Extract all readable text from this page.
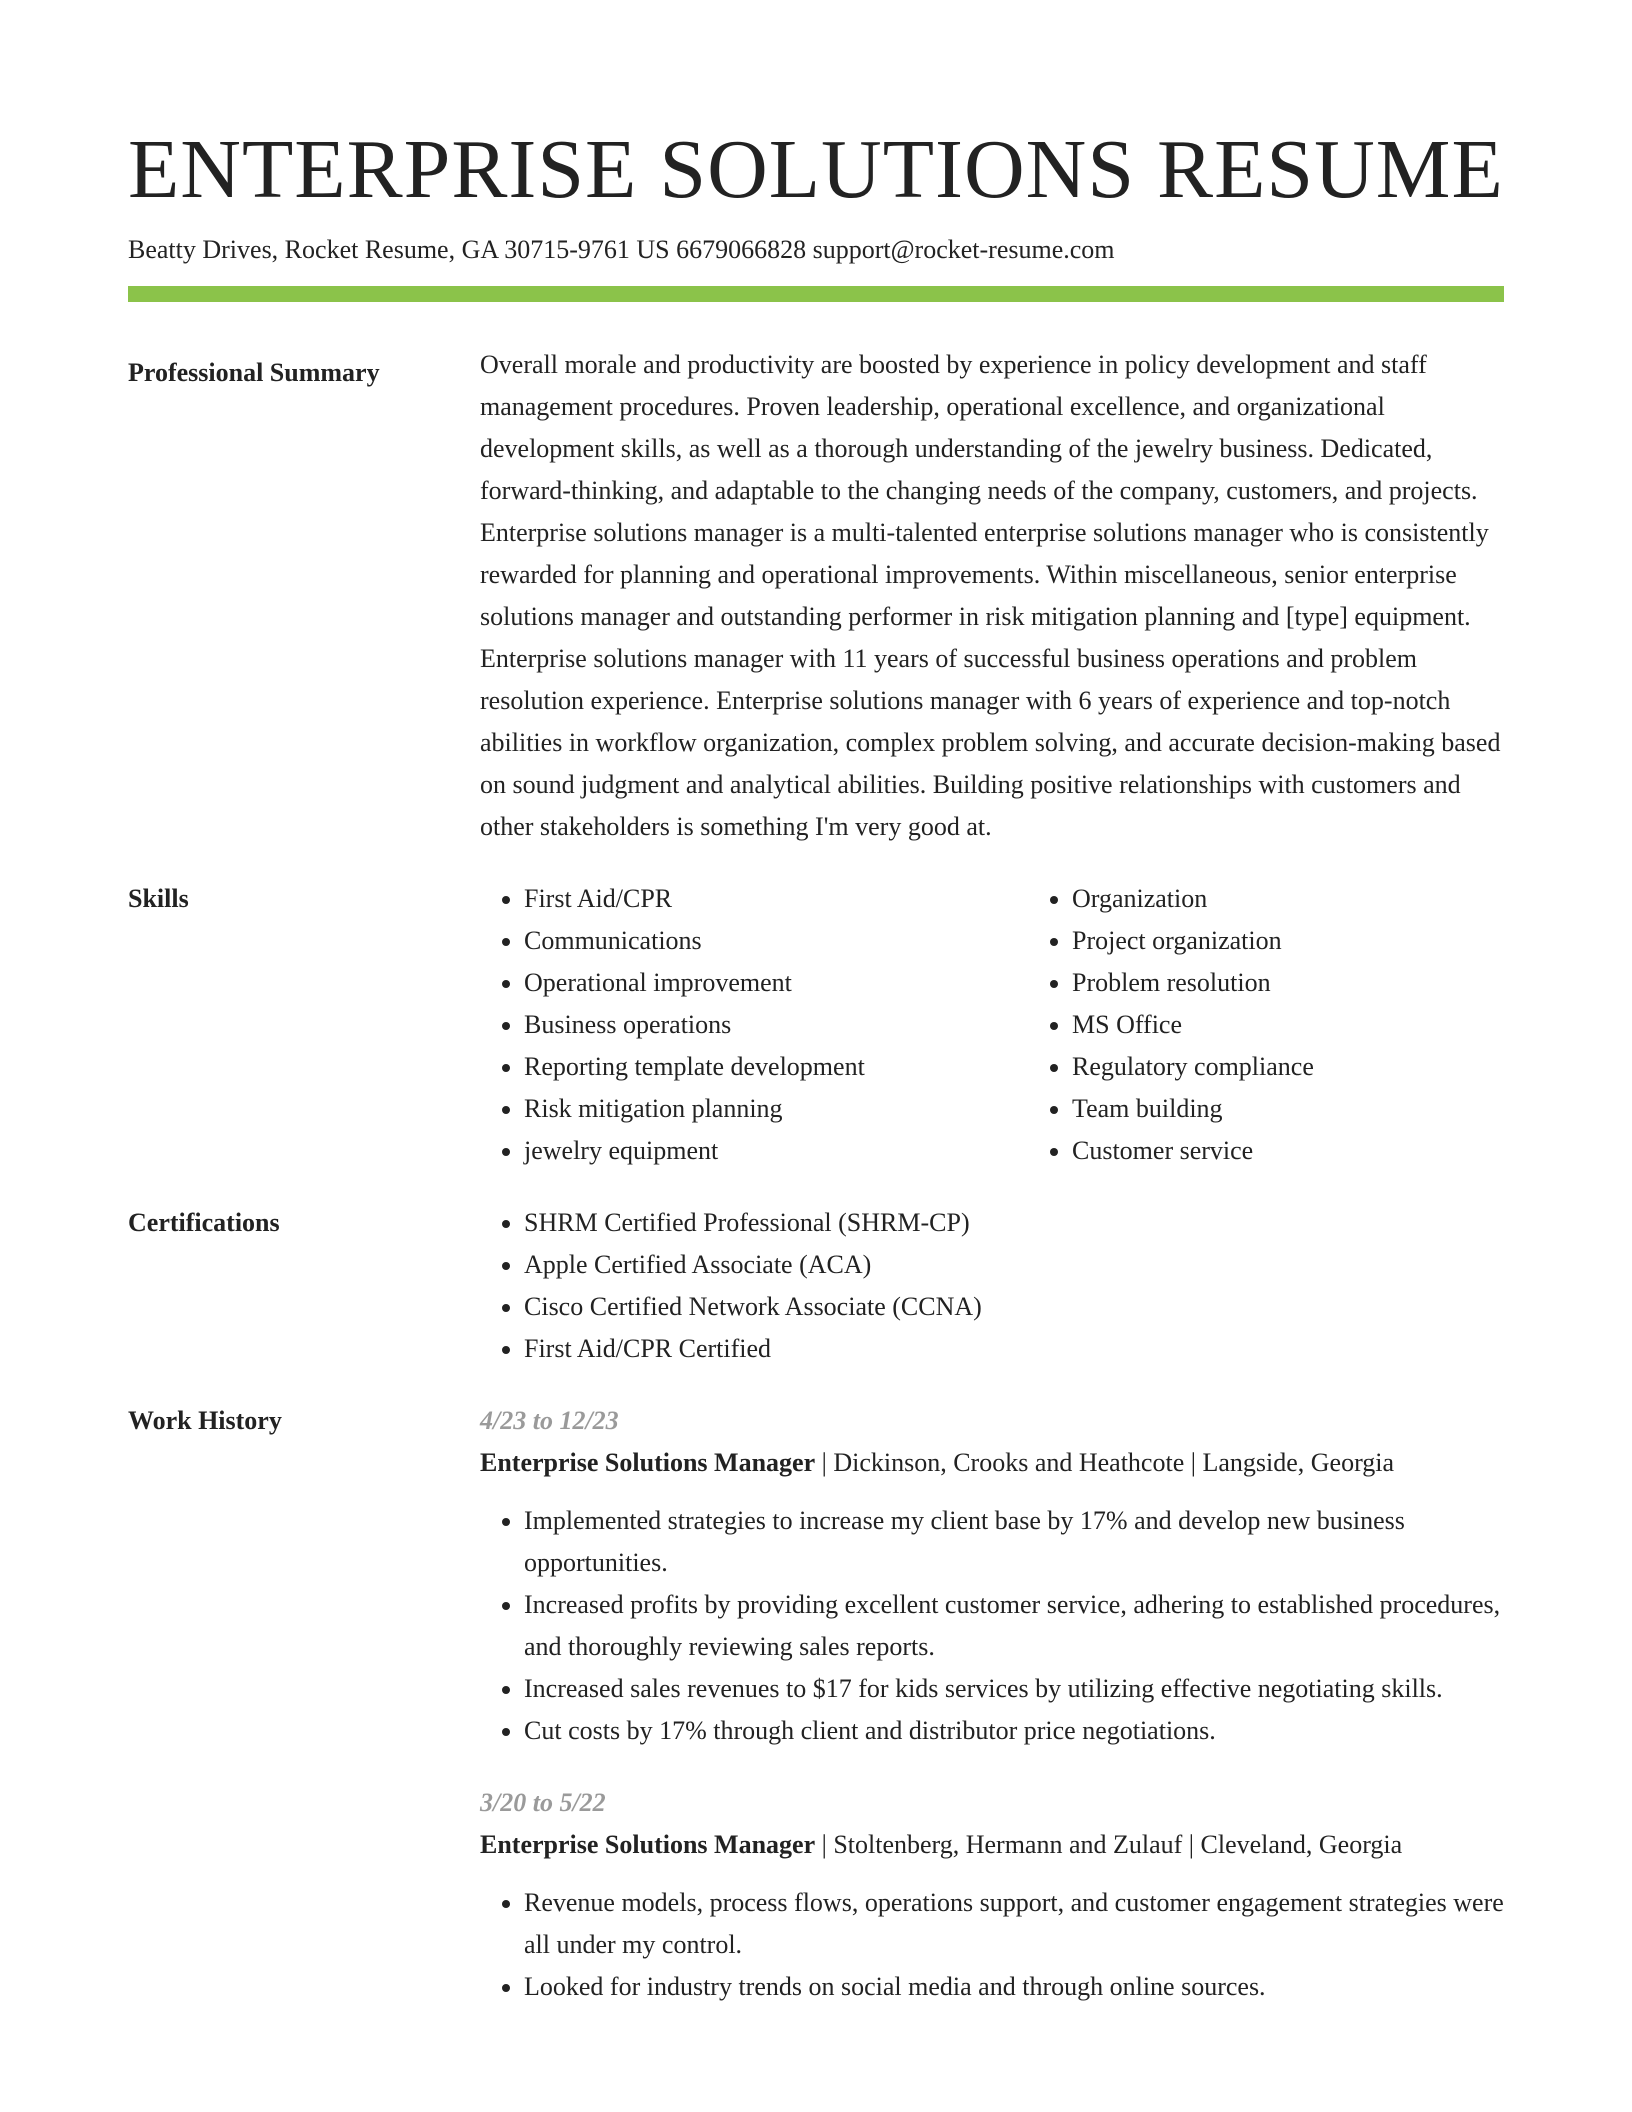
ENTERPRISE SOLUTIONS RESUME
Beatty Drives, Rocket Resume, GA 30715-9761 US 6679066828 support@rocket-resume.com
Professional Summary	Overall morale and productivity are boosted by experience in policy development and staff management procedures. Proven leadership, operational excellence, and organizational development skills, as well as a thorough understanding of the jewelry business. Dedicated, forward-thinking, and adaptable to the changing needs of the company, customers, and projects. Enterprise solutions manager is a multi-talented enterprise solutions manager who is consistently rewarded for planning and operational improvements. Within miscellaneous, senior enterprise solutions manager and outstanding performer in risk mitigation planning and [type] equipment. Enterprise solutions manager with 11 years of successful business operations and problem resolution experience. Enterprise solutions manager with 6 years of experience and top-notch abilities in workflow organization, complex problem solving, and accurate decision-making based on sound judgment and analytical abilities. Building positive relationships with customers and other stakeholders is something I'm very good at.

Skills	• First Aid/CPR
• Communications
• Operational improvement
• Business operations
• Reporting template development
• Risk mitigation planning
• jewelry equipment
• Organization
• Project organization
• Problem resolution
• MS Office
• Regulatory compliance
• Team building
• Customer service
Certifications	• SHRM Certified Professional (SHRM-CP)
• Apple Certified Associate (ACA)
• Cisco Certified Network Associate (CCNA)
• First Aid/CPR Certified
Work History	4/23 to 12/23
Enterprise Solutions Manager | Dickinson, Crooks and Heathcote | Langside, Georgia
• Implemented strategies to increase my client base by 17% and develop new business opportunities.
• Increased profits by providing excellent customer service, adhering to established procedures, and thoroughly reviewing sales reports.
• Increased sales revenues to $17 for kids services by utilizing effective negotiating skills.
• Cut costs by 17% through client and distributor price negotiations.
3/20 to 5/22
Enterprise Solutions Manager | Stoltenberg, Hermann and Zulauf | Cleveland, Georgia
• Revenue models, process flows, operations support, and customer engagement strategies were all under my control.
• Looked for industry trends on social media and through online sources.
